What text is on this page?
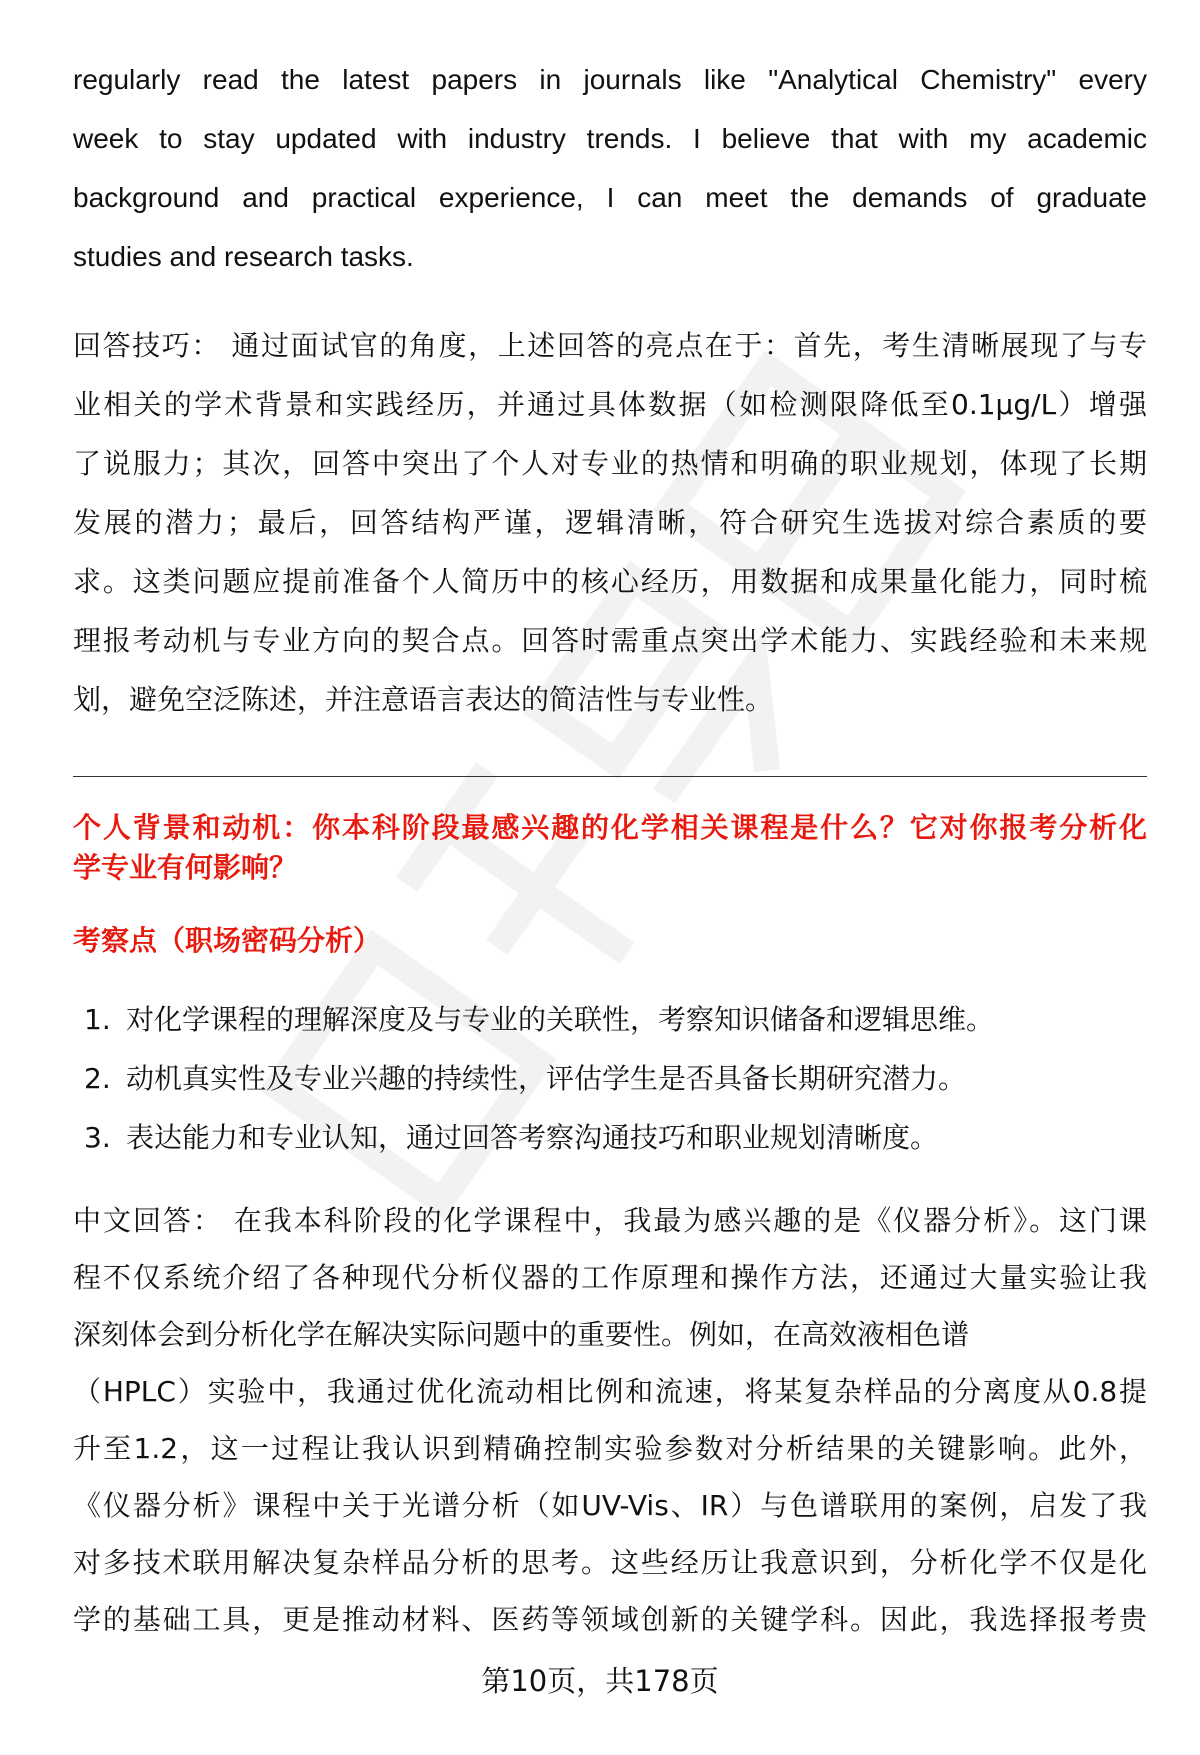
regularly read the latest papers in journals like "Analytical Chemistry" every
week to stay updated with industry trends. I believe that with my academic
background and practical experience, I can meet the demands of graduate
studies and research tasks.
回答技巧： 通过面试官的角度，上述回答的亮点在于：首先，考生清晰展现了与专
业相关的学术背景和实践经历，并通过具体数据（如检测限降低至0.1μg/L）增强
了说服力；其次，回答中突出了个人对专业的热情和明确的职业规划，体现了长期
发展的潜力；最后，回答结构严谨，逻辑清晰，符合研究生选拔对综合素质的要
求。这类问题应提前准备个人简历中的核心经历，用数据和成果量化能力，同时梳
理报考动机与专业方向的契合点。回答时需重点突出学术能力、实践经验和未来规
划，避免空泛陈述，并注意语言表达的简洁性与专业性。
个人背景和动机：你本科阶段最感兴趣的化学相关课程是什么？它对你报考分析化
学专业有何影响？
考察点（职场密码分析）
1. 对化学课程的理解深度及与专业的关联性，考察知识储备和逻辑思维。
2. 动机真实性及专业兴趣的持续性，评估学生是否具备长期研究潜力。
3. 表达能力和专业认知，通过回答考察沟通技巧和职业规划清晰度。
中文回答： 在我本科阶段的化学课程中，我最为感兴趣的是《仪器分析》。这门课
程不仅系统介绍了各种现代分析仪器的工作原理和操作方法，还通过大量实验让我
深刻体会到分析化学在解决实际问题中的重要性。例如，在高效液相色谱
（HPLC）实验中，我通过优化流动相比例和流速，将某复杂样品的分离度从0.8提
升至1.2，这一过程让我认识到精确控制实验参数对分析结果的关键影响。此外，
《仪器分析》课程中关于光谱分析（如UV-Vis、IR）与色谱联用的案例，启发了我
对多技术联用解决复杂样品分析的思考。这些经历让我意识到，分析化学不仅是化
学的基础工具，更是推动材料、医药等领域创新的关键学科。因此，我选择报考贵
第10页，共178页
